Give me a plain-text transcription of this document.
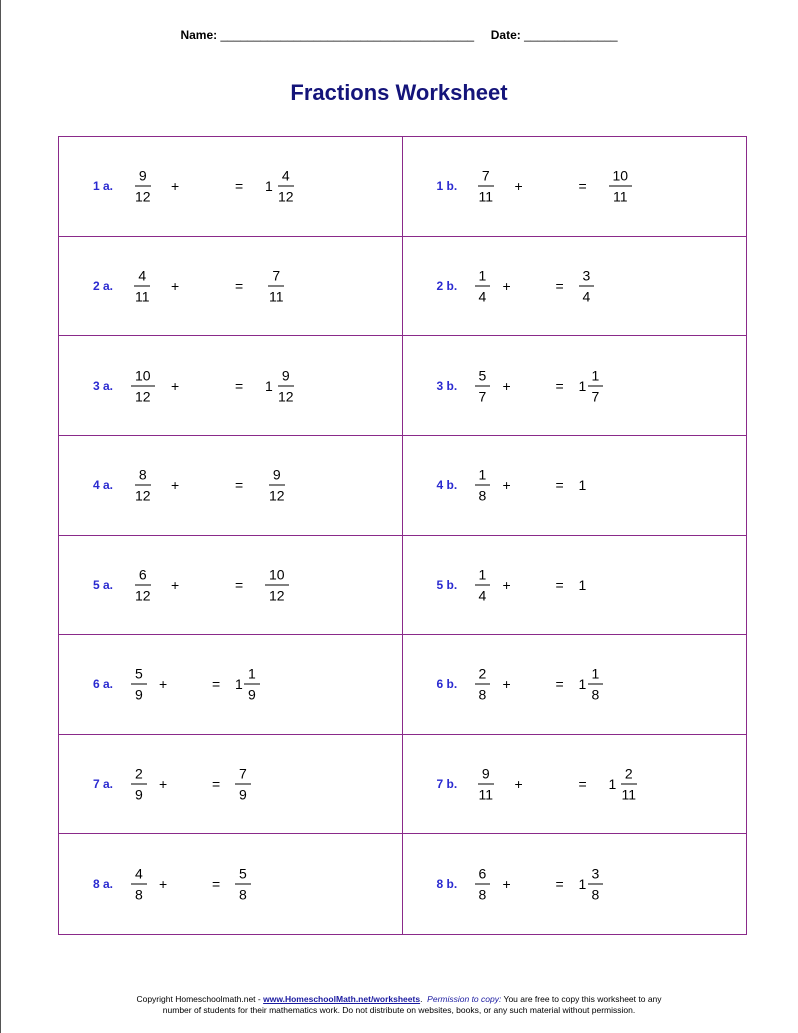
Name: ______________________________________ Date: ______________
Fractions Worksheet
1 a. $\frac{9}{12}$ +	= $1 \frac{4}{12}$	1 b. $\frac{7}{11}$ +	= $\frac{10}{11}$
2 a. $\frac{4}{11}$ +	= $\frac{7}{11}$	2 b. $\frac{1}{4}$ +	= $\frac{3}{4}$
3 a. $\frac{10}{12}$ +	= $1 \frac{9}{12}$	3 b. $\frac{5}{7}$ +	= $1 \frac{1}{7}$
4 a. $\frac{8}{12}$ +	= $\frac{9}{12}$	4 b. $\frac{1}{8}$ +	= 1
5 a. $\frac{6}{12}$ +	= $\frac{10}{12}$	5 b. $\frac{1}{4}$ +	= 1
6 a. $\frac{5}{9}$ +	= $1 \frac{1}{9}$	6 b. $\frac{2}{8}$ +	= $1 \frac{1}{8}$
7 a. $\frac{2}{9}$ +	= $\frac{7}{9}$	7 b. $\frac{9}{11}$ +	= $1 \frac{2}{11}$
8 a. $\frac{4}{8}$ +	= $\frac{5}{8}$	8 b. $\frac{6}{8}$ +	= $1 \frac{3}{8}$
Copyright Homeschoolmath.net - www.HomeschoolMath.net/worksheets.  Permission to copy: You are free to copy this worksheet to any
number of students for their mathematics work. Do not distribute on websites, books, or any such material without permission.
